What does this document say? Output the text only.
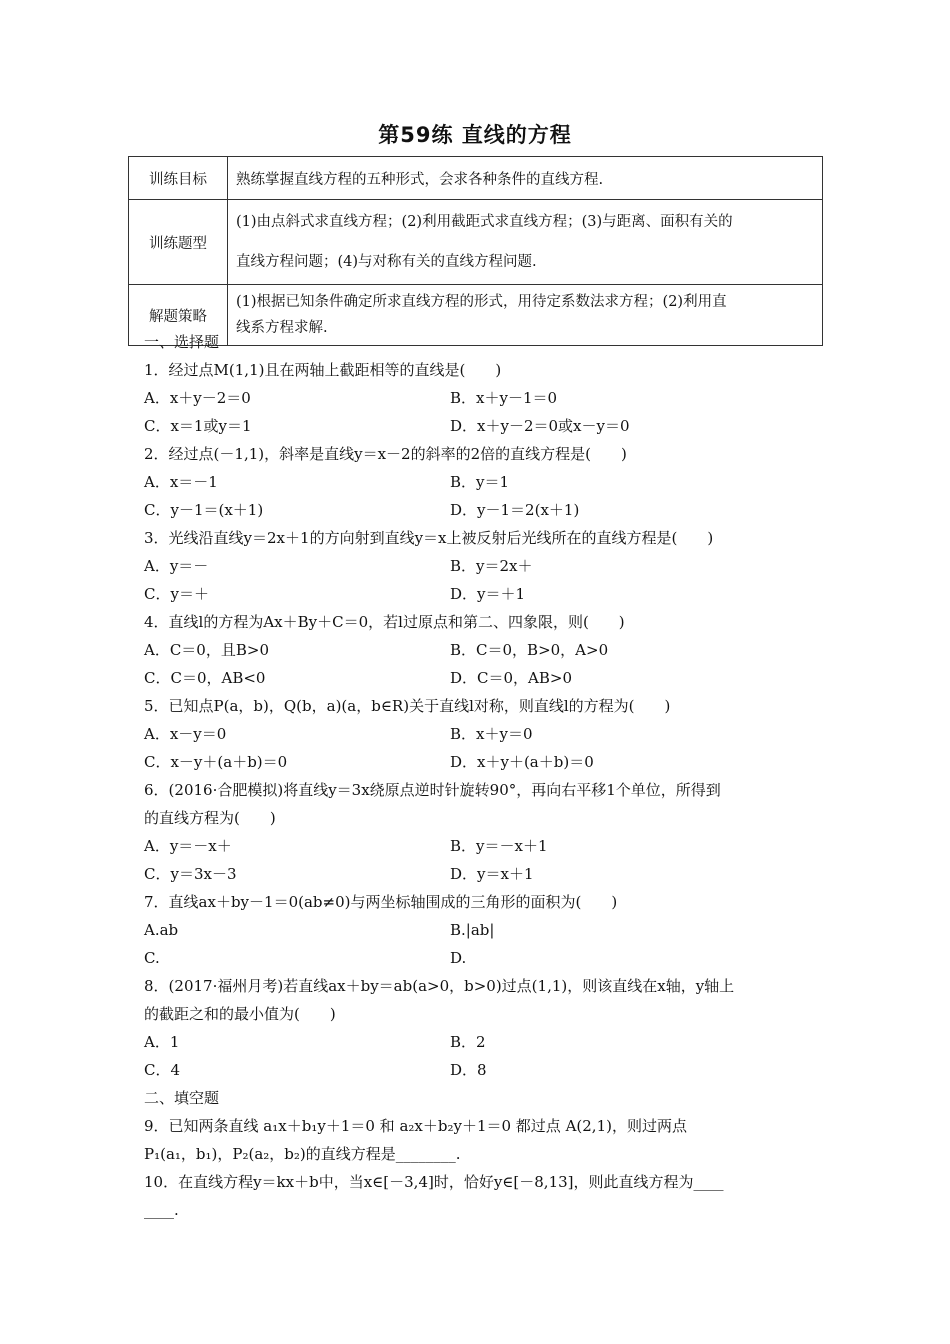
第59练 直线的方程
训练目标	熟练掌握直线方程的五种形式，会求各种条件的直线方程.
训练题型	(1)由点斜式求直线方程；(2)利用截距式求直线方程；(3)与距离、面积有关的
直线方程问题；(4)与对称有关的直线方程问题.

解题策略	(1)根据已知条件确定所求直线方程的形式，用待定系数法求方程；(2)利用直
线系方程求解.
一、选择题
1．经过点M(1,1)且在两轴上截距相等的直线是(　　)
A．x＋y－2＝0	B．x＋y－1＝0
C．x＝1或y＝1	D．x＋y－2＝0或x－y＝0
2．经过点(－1,1)，斜率是直线y＝x－2的斜率的2倍的直线方程是(　　)
A．x＝－1	B．y＝1
C．y－1＝(x＋1)	D．y－1＝2(x＋1)
3．光线沿直线y＝2x＋1的方向射到直线y＝x上被反射后光线所在的直线方程是(　　)
A．y＝－	B．y＝2x＋
C．y＝＋	D．y＝＋1
4．直线l的方程为Ax＋By＋C＝0，若l过原点和第二、四象限，则(　　)
A．C＝0，且B>0	B．C＝0，B>0，A>0
C．C＝0，AB<0	D．C＝0，AB>0
5．已知点P(a，b)，Q(b，a)(a，b∈R)关于直线l对称，则直线l的方程为(　　)
A．x－y＝0	B．x＋y＝0
C．x－y＋(a＋b)＝0	D．x＋y＋(a＋b)＝0
6．(2016·合肥模拟)将直线y＝3x绕原点逆时针旋转90°，再向右平移1个单位，所得到
的直线方程为(　　)
A．y＝－x＋	B．y＝－x＋1
C．y＝3x－3	D．y＝x＋1
7．直线ax＋by－1＝0(ab≠0)与两坐标轴围成的三角形的面积为(　　)
A.ab	B.|ab|
C.	D.
8．(2017·福州月考)若直线ax＋by＝ab(a>0，b>0)过点(1,1)，则该直线在x轴，y轴上
的截距之和的最小值为(　　)
A．1	B．2
C．4	D．8
二、填空题
9．已知两条直线 a₁x＋b₁y＋1＝0 和 a₂x＋b₂y＋1＝0 都过点 A(2,1)，则过两点
P₁(a₁，b₁)，P₂(a₂，b₂)的直线方程是________.
10．在直线方程y＝kx＋b中，当x∈[－3,4]时，恰好y∈[－8,13]，则此直线方程为____
____.
